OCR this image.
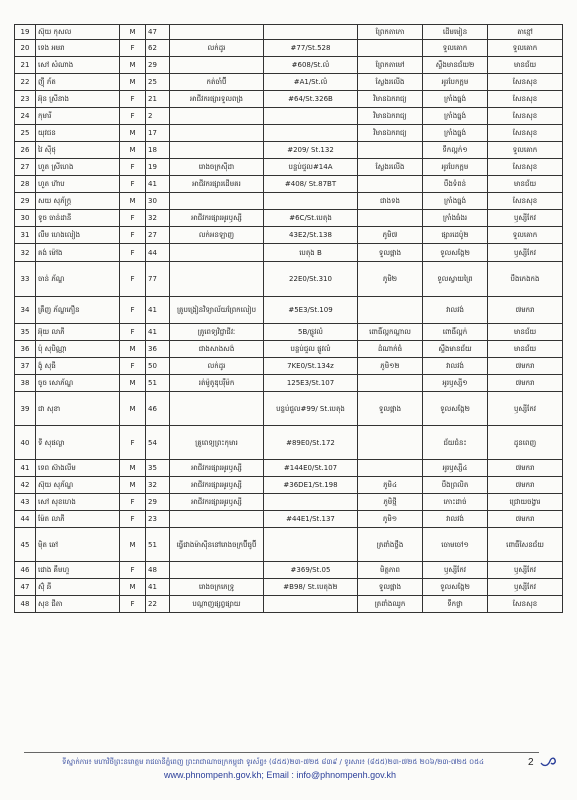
19	ស៊ុយ កុសល	M	47			ព្រែកតាកោ	ដើមមៀន	តាខ្មៅ
20	ទេង អមរា	F	62	លក់ដូរ	#77/St.528		ទួលគោក	ទួលគោក
21	សៅ សំណាង	M	29		#608/St.លំ	ព្រែកតាមៅ	ស្ទឹងមានជ័យ២	មានជ័យ
22	ញ៉ី ភ័ត	M	25	កត់ចាំប៊ី	#A1/St.លំ	ស្លែងរលើង	អូរបែកក្អម	សែនសុខ
23	អ៊ុន ស្រីនាង	F	21	អាជីវករផ្សារទួលពង្រ	#64/St.326B	វិមានឯករាជ្យ	ក្រាំងធ្នង់	សែនសុខ
24	កុមារី	F	2			វិមានឯករាជ្យ	ក្រាំងធ្នង់	សែនសុខ
25	យុវជន	M	17			វិមានឯករាជ្យ	ក្រាំងធ្នង់	សែនសុខ
26	វៃ ស៊ីថុ	M	18		#209/ St.132		ទឹកល្អក់១	ទួលគោក
27	ហួត ស្រីហេង	F	19	រោងចក្រស៊ីដា	បន្ទប់ជួល#14A	ស្លែងរលើង	អូរបែកក្អម	សែនសុខ
28	ហួត ហ៊ាប	F	41	អាជីវករផ្សារដើមគរ	#408/ St.87BT		បឹងទំពន់	មានជ័យ
29	សយ សុភ័ក្ត្រ	M	30			ជាងទង	ក្រាំងធ្នង់	សែនសុខ
30	ទូច ចាន់ដានី	F	32	អាជីវករផ្សារអូរឫស្សី	#6C/St.បេតុង		ក្រាំងធំងរ	ឫស្សីកែវ
31	លឹម ហេងលៀង	F	27	លក់អនឡាញ	43E2/St.138	ភូមិ៧	ផ្សារដេប៉ូ២	ទួលគោក
32	គង់ ម៉ៅង	F	44		បេតុង B	ទួលផ្អាង	ទួលសង្កែ២	ឫស្សីកែវ
33	ចាន់ ភ័ណ្ឌ	F	77		22E0/St.310	ភូមិ២	ទួលស្វាយព្រៃ	បឹងកេងកង
34	គ្រឹញ ភ័ណ្ឌភឿន	F	41	គ្រូបង្រៀនវិទ្យាល័យព្រែកលៀប	#5E3/St.109		វាលវង់	៧មករា
35	អ៊ុយ លាភី	F	41	គ្រូពេទ្យវិជ្ជាជីវៈ	5B/ផ្លូវលំ	ពោធិ៍ល្អកណ្ដាល	ពោធិ៍ល្អក់	មានជ័យ
36	ប៉ុ សុបិណ្ណា	M	36	ជាងសាងសង់	បន្ទប់ជួល ផ្លូវលំ	ដំណាក់ធំ	ស្ទឹងមានជ័យ	មានជ័យ
37	ង៉ូ សុធី	F	50	លក់ដូរ	7KE0/St.134z	ភូមិ១២	វាលវង់	៧មករា
38	ចូច សោភ័ណ្ឌ	M	51	រត់ម៉ូតូឌុបរ៉ឺម៉ក	125E3/St.107		អូរឫស្សី១	៧មករា
39	ជា សុខា	M	46		បន្ទប់ជួល#99/ St.បេតុង	ទួលផ្អាង	ទួលសង្កែ២	ឫស្សីកែវ
40	ទី សុផល្លា	F	54	គ្រូពេទ្យព្រះកុមារ	#89E0/St.172		ជ័យជំនះ	ដូនពេញ
41	ទេព ស៊ាងលីម	M	35	អាជីវករផ្សារអូរឫស្សី	#144E0/St.107		អូរឫស្សី៤	៧មករា
42	ស៊ុយ សុភ័ណ្ឌ	M	32	អាជីវករផ្សារអូរឫស្សី	#36DE1/St.198	ភូមិ៤	បឹងព្រលិត	៧មករា
43	សៅ សុខហេង	F	29	អាជីវករផ្សារអូរឫស្សី		ភូមិថ្មី	កោះដាច់	ជ្រោយចង្វារ
44	ម៉ែត លាភី	F	23		#44E1/St.137	ភូមិ១	វាលវង់	៧មករា
45	ម៉ិត ឆៅ	M	51	ធ្វើជាងម៉ាស៊ីននៅរោងចក្រប៊ីធូប៊ី		ត្រពាំងថ្លឹង	ចោមចៅ១	ពោធិ៍សែនជ័យ
46	ជោង គឹមហួ	F	48		#369/St.05	មិត្តភាព	ឫស្សីកែវ	ឫស្សីកែវ
47	ស៊ុំ ឆី	M	41	រោងចក្រភេទ្រូ	#B98/ St.បេតុង២	ទួលផ្អាង	ទួលសង្កែ២	ឫស្សីកែវ
48	សុខ ជីតា	F	22	បណ្ដាញផ្សព្វផ្សាយ		ត្រពាំងឈូក	ទឹកថ្លា	សែនសុខ
ទីស្នាក់ការ៖ មហាវិថីព្រះនរោត្តម រាជធានីភ្នំពេញ ព្រះរាជាណាចក្រកម្ពុជា ទូរស័ព្ទ៖ (៨៥៥)២៣-៧២៥ ៨៣៩ / ទូរសារ៖ (៨៥៥)២៣-៧២៥ ២០៦/២៣-៧២៥ ០៥៤
www.phnompenh.gov.kh; Email : info@phnompenh.gov.kh
2
